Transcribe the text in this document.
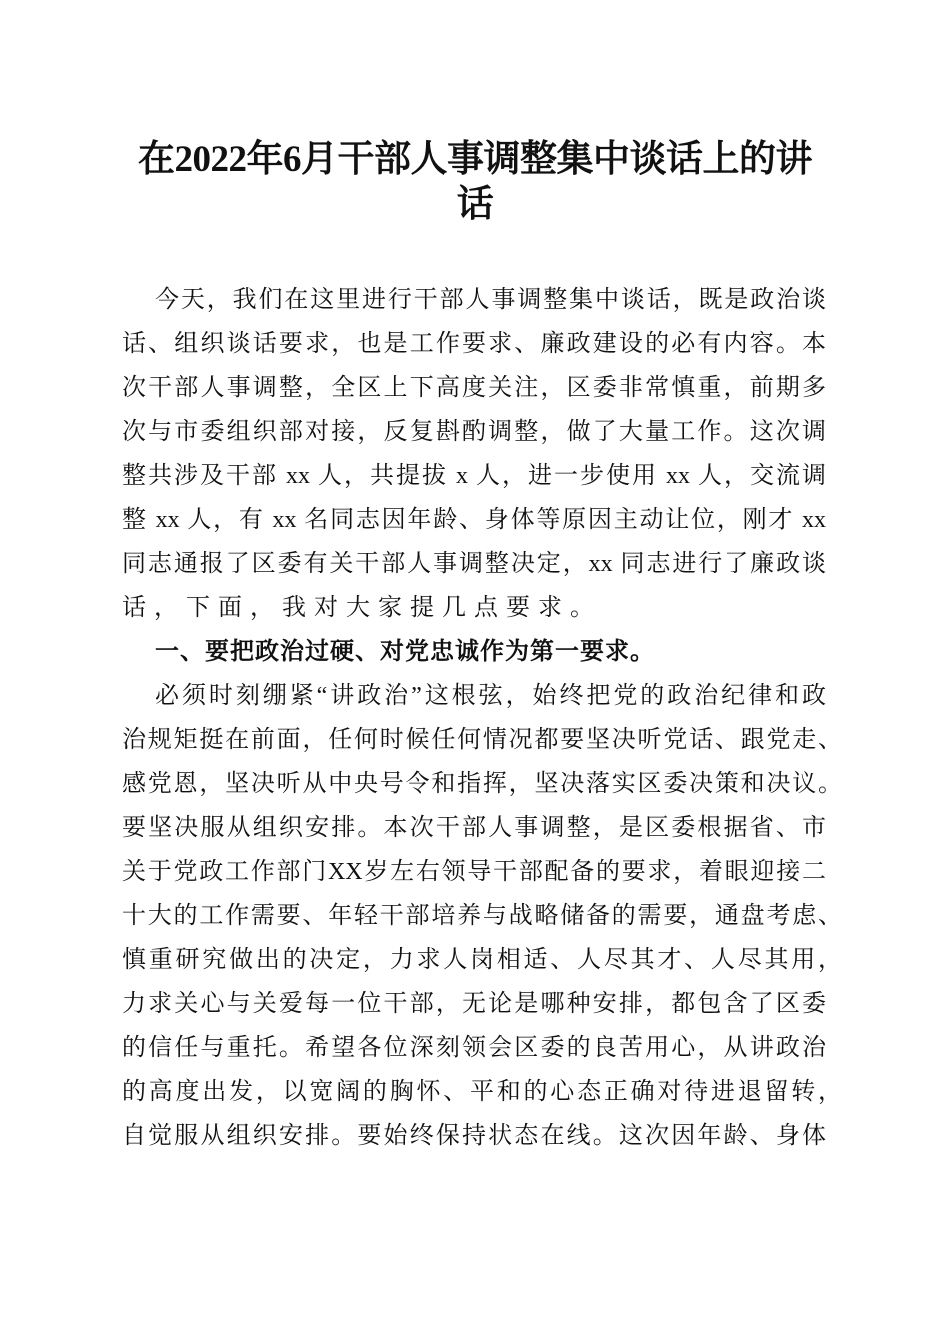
在2022年6月干部人事调整集中谈话上的讲
话
今天，我们在这里进行干部人事调整集中谈话，既是政治谈
话、组织谈话要求，也是工作要求、廉政建设的必有内容。本
次干部人事调整，全区上下高度关注，区委非常慎重，前期多
次与市委组织部对接，反复斟酌调整，做了大量工作。这次调
整共涉及干部 xx 人，共提拔 x 人，进一步使用 xx 人，交流调
整 xx 人，有 xx 名同志因年龄、身体等原因主动让位，刚才 xx
同志通报了区委有关干部人事调整决定，xx 同志进行了廉政谈
话，下面，我对大家提几点要求。
一、要把政治过硬、对党忠诚作为第一要求。
必须时刻绷紧“讲政治”这根弦，始终把党的政治纪律和政
治规矩挺在前面，任何时候任何情况都要坚决听党话、跟党走、
感党恩，坚决听从中央号令和指挥，坚决落实区委决策和决议。
要坚决服从组织安排。本次干部人事调整，是区委根据省、市
关于党政工作部门XX岁左右领导干部配备的要求，着眼迎接二
十大的工作需要、年轻干部培养与战略储备的需要，通盘考虑、
慎重研究做出的决定，力求人岗相适、人尽其才、人尽其用，
力求关心与关爱每一位干部，无论是哪种安排，都包含了区委
的信任与重托。希望各位深刻领会区委的良苦用心，从讲政治
的高度出发，以宽阔的胸怀、平和的心态正确对待进退留转，
自觉服从组织安排。要始终保持状态在线。这次因年龄、身体
